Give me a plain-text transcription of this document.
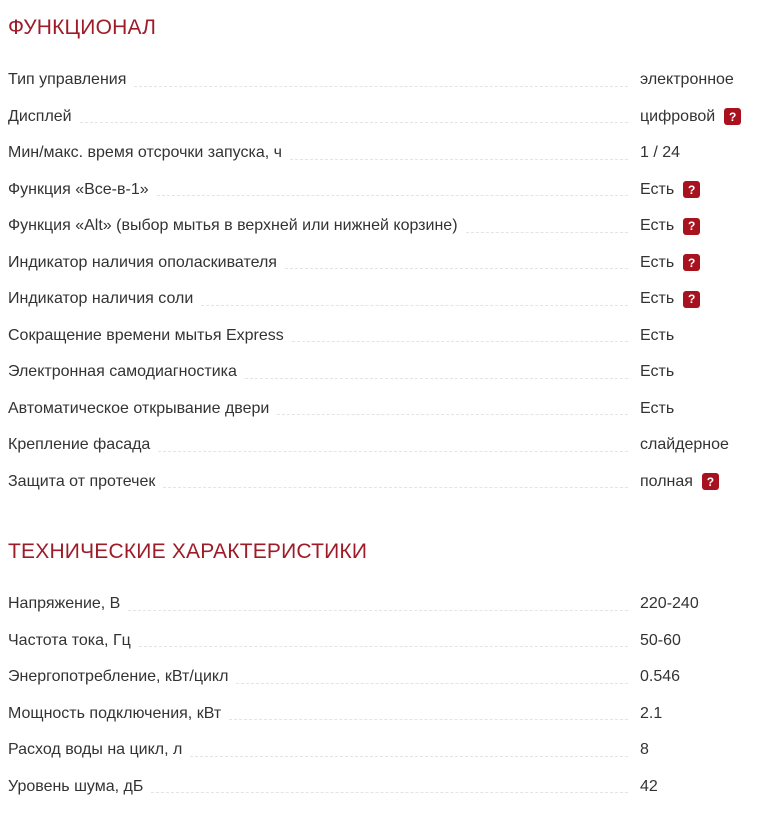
ФУНКЦИОНАЛ
Тип управления	электронное
Дисплей	цифровой ?
Мин/макс. время отсрочки запуска, ч	1 / 24
Функция «Все-в-1»	Есть ?
Функция «Alt» (выбор мытья в верхней или нижней корзине)	Есть ?
Индикатор наличия ополаскивателя	Есть ?
Индикатор наличия соли	Есть ?
Сокращение времени мытья Express	Есть
Электронная самодиагностика	Есть
Автоматическое открывание двери	Есть
Крепление фасада	слайдерное
Защита от протечек	полная ?
ТЕХНИЧЕСКИЕ ХАРАКТЕРИСТИКИ
Напряжение, В	220-240
Частота тока, Гц	50-60
Энергопотребление, кВт/цикл	0.546
Мощность подключения, кВт	2.1
Расход воды на цикл, л	8
Уровень шума, дБ	42
